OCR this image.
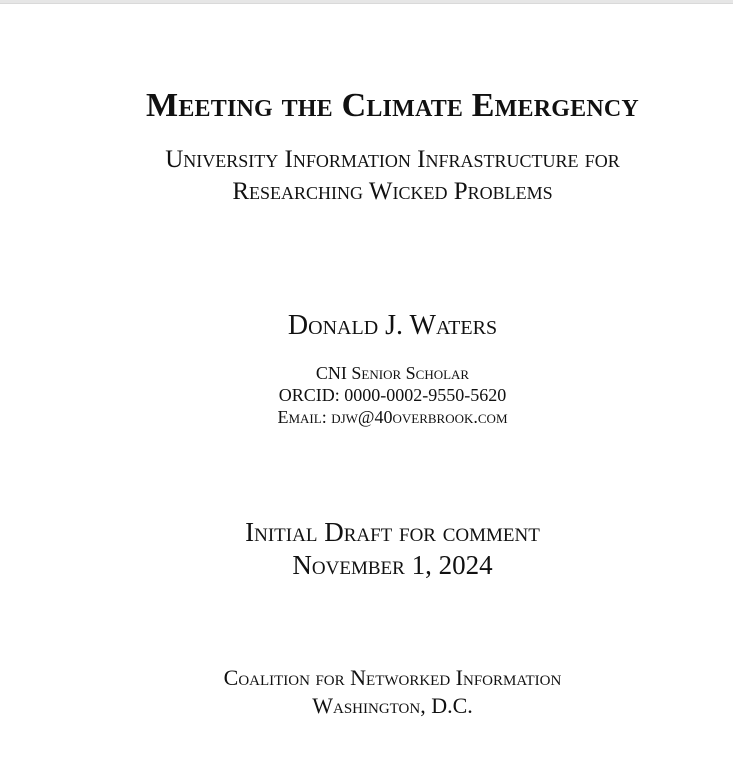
Meeting the Climate Emergency
University Information Infrastructure for
Researching Wicked Problems
Donald J. Waters
CNI Senior Scholar
ORCID: 0000-0002-9550-5620
Email: djw@40overbrook.com
Initial Draft for comment
November 1, 2024
Coalition for Networked Information
Washington, D.C.
